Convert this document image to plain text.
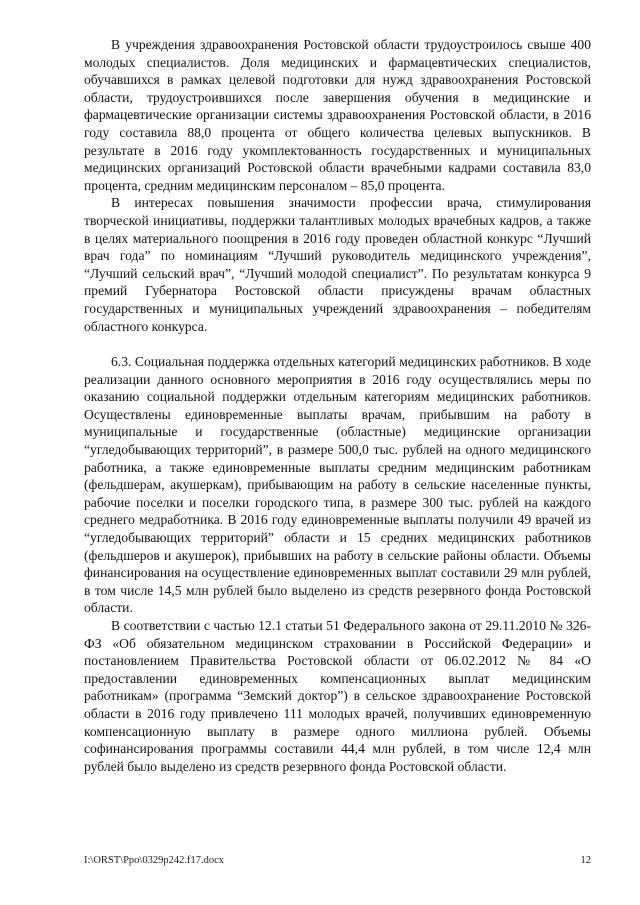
В учреждения здравоохранения Ростовской области трудоустроилось свыше 400 молодых специалистов. Доля медицинских и фармацевтических специалистов, обучавшихся в рамках целевой подготовки для нужд здравоохранения Ростовской области, трудоустроившихся после завершения обучения в медицинские и фармацевтические организации системы здравоохранения Ростовской области, в 2016 году составила 88,0 процента от общего количества целевых выпускников. В результате в 2016 году укомплектованность государственных и муниципальных медицинских организаций Ростовской области врачебными кадрами составила 83,0 процента, средним медицинским персоналом – 85,0 процента.

В интересах повышения значимости профессии врача, стимулирования творческой инициативы, поддержки талантливых молодых врачебных кадров, а также в целях материального поощрения в 2016 году проведен областной конкурс “Лучший врач года” по номинациям “Лучший руководитель медицинского учреждения”, “Лучший сельский врач”, “Лучший молодой специалист”. По результатам конкурса 9 премий Губернатора Ростовской области присуждены врачам областных государственных и муниципальных учреждений здравоохранения – победителям областного конкурса.

6.3. Социальная поддержка отдельных категорий медицинских работников. В ходе реализации данного основного мероприятия в 2016 году осуществлялись меры по оказанию социальной поддержки отдельным категориям медицинских работников. Осуществлены единовременные выплаты врачам, прибывшим на работу в муниципальные и государственные (областные) медицинские организации “угледобывающих территорий”, в размере 500,0 тыс. рублей на одного медицинского работника, а также единовременные выплаты средним медицинским работникам (фельдшерам, акушеркам), прибывающим на работу в сельские населенные пункты, рабочие поселки и поселки городского типа, в размере 300 тыс. рублей на каждого среднего медработника. В 2016 году единовременные выплаты получили 49 врачей из “угледобывающих территорий” области и 15 средних медицинских работников (фельдшеров и акушерок), прибывших на работу в сельские районы области. Объемы финансирования на осуществление единовременных выплат составили 29 млн рублей, в том числе 14,5 млн рублей было выделено из средств резервного фонда Ростовской области.

В соответствии с частью 12.1 статьи 51 Федерального закона от 29.11.2010 № 326-ФЗ «Об обязательном медицинском страховании в Российской Федерации» и постановлением Правительства Ростовской области от 06.02.2012 № 84 «О предоставлении единовременных компенсационных выплат медицинским работникам» (программа “Земский доктор”) в сельское здравоохранение Ростовской области в 2016 году привлечено 111 молодых врачей, получивших единовременную компенсационную выплату в размере одного миллиона рублей. Объемы софинансирования программы составили 44,4 млн рублей, в том числе 12,4 млн рублей было выделено из средств резервного фонда Ростовской области.

I:\ORST\Ppo\0329p242.f17.docx	12
